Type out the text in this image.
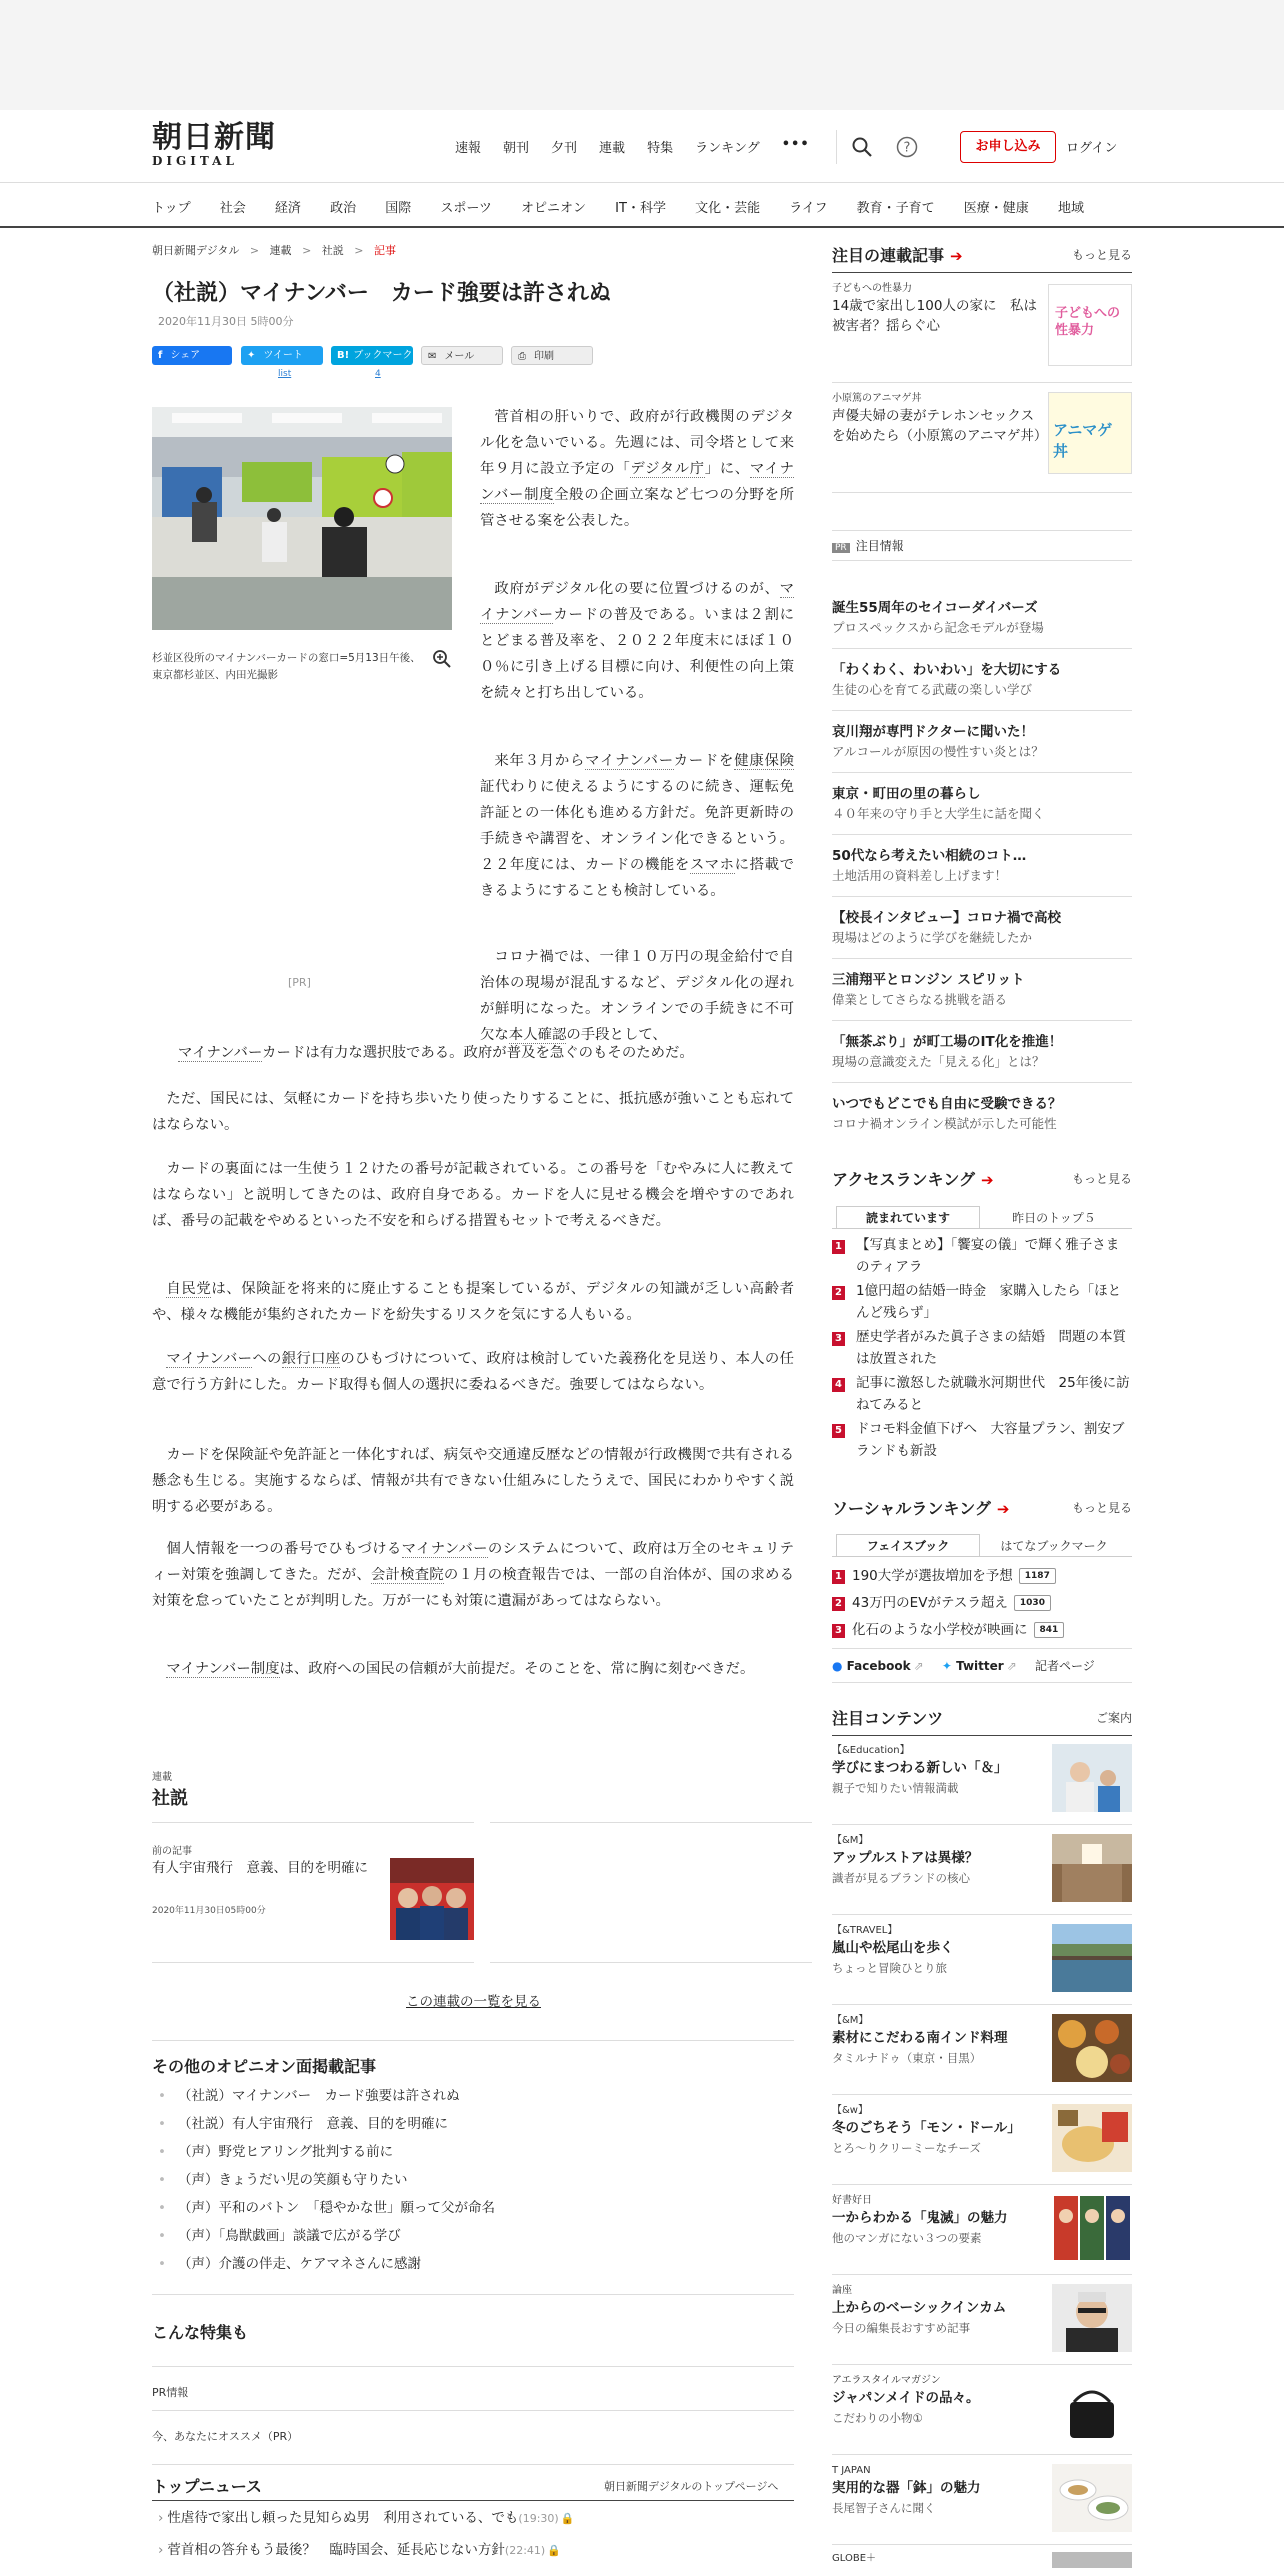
朝日新聞
DIGITAL
速報 朝刊 夕刊 連載 特集 ランキング •••	?	お申し込み	ログイン
トップ 社会 経済 政治 国際 スポーツ オピニオン IT・科学 文化・芸能 ライフ 教育・子育て 医療・健康 地域
朝日新聞デジタル > 連載 > 社説 > 記事
（社説）マイナンバー　カード強要は許されぬ
2020年11月30日 5時00分
f シェア	✦ ツイート
list
B! ブックマーク
4
✉ メール	⎙ 印刷
杉並区役所のマイナンバーカードの窓口=5月13日午後、東京都杉並区、内田光撮影
[PR]
菅首相の肝いりで、政府が行政機関のデジタル化を急いでいる。先週には、司令塔として来年９月に設立予定の「デジタル庁」に、マイナンバー制度全般の企画立案など七つの分野を所管させる案を公表した。
政府がデジタル化の要に位置づけるのが、マイナンバーカードの普及である。いまは２割にとどまる普及率を、２０２２年度末にほぼ１００％に引き上げる目標に向け、利便性の向上策を続々と打ち出している。
来年３月からマイナンバーカードを健康保険証代わりに使えるようにするのに続き、運転免許証との一体化も進める方針だ。免許更新時の手続きや講習を、オンライン化できるという。２２年度には、カードの機能をスマホに搭載できるようにすることも検討している。
コロナ禍では、一律１０万円の現金給付で自治体の現場が混乱するなど、デジタル化の遅れが鮮明になった。オンラインでの手続きに不可欠な本人確認の手段として、
マイナンバーカードは有力な選択肢である。政府が普及を急ぐのもそのためだ。
ただ、国民には、気軽にカードを持ち歩いたり使ったりすることに、抵抗感が強いことも忘れてはならない。
カードの裏面には一生使う１２けたの番号が記載されている。この番号を「むやみに人に教えてはならない」と説明してきたのは、政府自身である。カードを人に見せる機会を増やすのであれば、番号の記載をやめるといった不安を和らげる措置もセットで考えるべきだ。
自民党は、保険証を将来的に廃止することも提案しているが、デジタルの知識が乏しい高齢者や、様々な機能が集約されたカードを紛失するリスクを気にする人もいる。
マイナンバーへの銀行口座のひもづけについて、政府は検討していた義務化を見送り、本人の任意で行う方針にした。カード取得も個人の選択に委ねるべきだ。強要してはならない。
カードを保険証や免許証と一体化すれば、病気や交通違反歴などの情報が行政機関で共有される懸念も生じる。実施するならば、情報が共有できない仕組みにしたうえで、国民にわかりやすく説明する必要がある。
個人情報を一つの番号でひもづけるマイナンバーのシステムについて、政府は万全のセキュリティー対策を強調してきた。だが、会計検査院の１月の検査報告では、一部の自治体が、国の求める対策を怠っていたことが判明した。万が一にも対策に遺漏があってはならない。
マイナンバー制度は、政府への国民の信頼が大前提だ。そのことを、常に胸に刻むべきだ。
連載
社説
前の記事
有人宇宙飛行　意義、目的を明確に
2020年11月30日05時00分
この連載の一覧を見る
その他のオピニオン面掲載記事
• （社説）マイナンバー　カード強要は許されぬ
• （社説）有人宇宙飛行　意義、目的を明確に
• （声）野党ヒアリング批判する前に
• （声）きょうだい児の笑顔も守りたい
• （声）平和のバトン　「穏やかな世」願って父が命名
• （声）「鳥獣戯画」談議で広がる学び
• （声）介護の伴走、ケアマネさんに感謝
こんな特集も
PR情報
今、あなたにオススメ（PR）
トップニュース	朝日新聞デジタルのトップページへ
› 性虐待で家出し頼った見知らぬ男　利用されている、でも(19:30) 🔒
› 菅首相の答弁もう最後？　臨時国会、延長応じない方針(22:41) 🔒
注目の連載記事 ➔	もっと見る
子どもへの性暴力
14歳で家出し100人の家に　私は被害者？揺らぐ心
子どもへの性暴力
小原篤のアニマゲ丼
声優夫婦の妻がテレホンセックスを始めたら（小原篤のアニマゲ丼） アニマゲ丼
PR 注目情報
誕生55周年のセイコーダイバーズ
プロスペックスから記念モデルが登場
「わくわく、わいわい」を大切にする
生徒の心を育てる武蔵の楽しい学び
哀川翔が専門ドクターに聞いた！
アルコールが原因の慢性すい炎とは？
東京・町田の里の暮らし
４０年来の守り手と大学生に話を聞く
50代なら考えたい相続のコト…
土地活用の資料差し上げます！
【校長インタビュー】コロナ禍で高校
現場はどのように学びを継続したか
三浦翔平とロンジン スピリット
偉業としてさらなる挑戦を語る
「無茶ぶり」が町工場のIT化を推進！
現場の意識変えた「見える化」とは？
いつでもどこでも自由に受験できる？
コロナ禍オンライン模試が示した可能性
アクセスランキング ➔	もっと見る
読まれています	昨日のトップ５
1 【写真まとめ】「饗宴の儀」で輝く雅子さまのティアラ
2 1億円超の結婚一時金　家購入したら「ほとんど残らず」
3 歴史学者がみた眞子さまの結婚　問題の本質は放置された
4 記事に激怒した就職氷河期世代　25年後に訪ねてみると
5 ドコモ料金値下げへ　大容量プラン、割安ブランドも新設
ソーシャルランキング ➔	もっと見る
フェイスブック	はてなブックマーク
1 190大学が選抜増加を予想 1187
2 43万円のEVがテスラ超え 1030
3 化石のような小学校が映画に 841
● Facebook ⇗ ✦ Twitter ⇗ 記者ページ
注目コンテンツ	ご案内
【&Education】
学びにまつわる新しい「＆」
親子で知りたい情報満載
【&M】
アップルストアは異様？
識者が見るブランドの核心
【&TRAVEL】
嵐山や松尾山を歩く
ちょっと冒険ひとり旅
【&M】
素材にこだわる南インド料理
タミルナドゥ（東京・目黒）
【&w】
冬のごちそう「モン・ドール」
とろ～りクリーミーなチーズ
好書好日
一からわかる「鬼滅」の魅力
他のマンガにない３つの要素
論座
上からのベーシックインカム
今日の編集長おすすめ記事
アエラスタイルマガジン
ジャパンメイドの品々。
こだわりの小物①
T JAPAN
実用的な器「鉢」の魅力
長尾智子さんに聞く
GLOBE＋
